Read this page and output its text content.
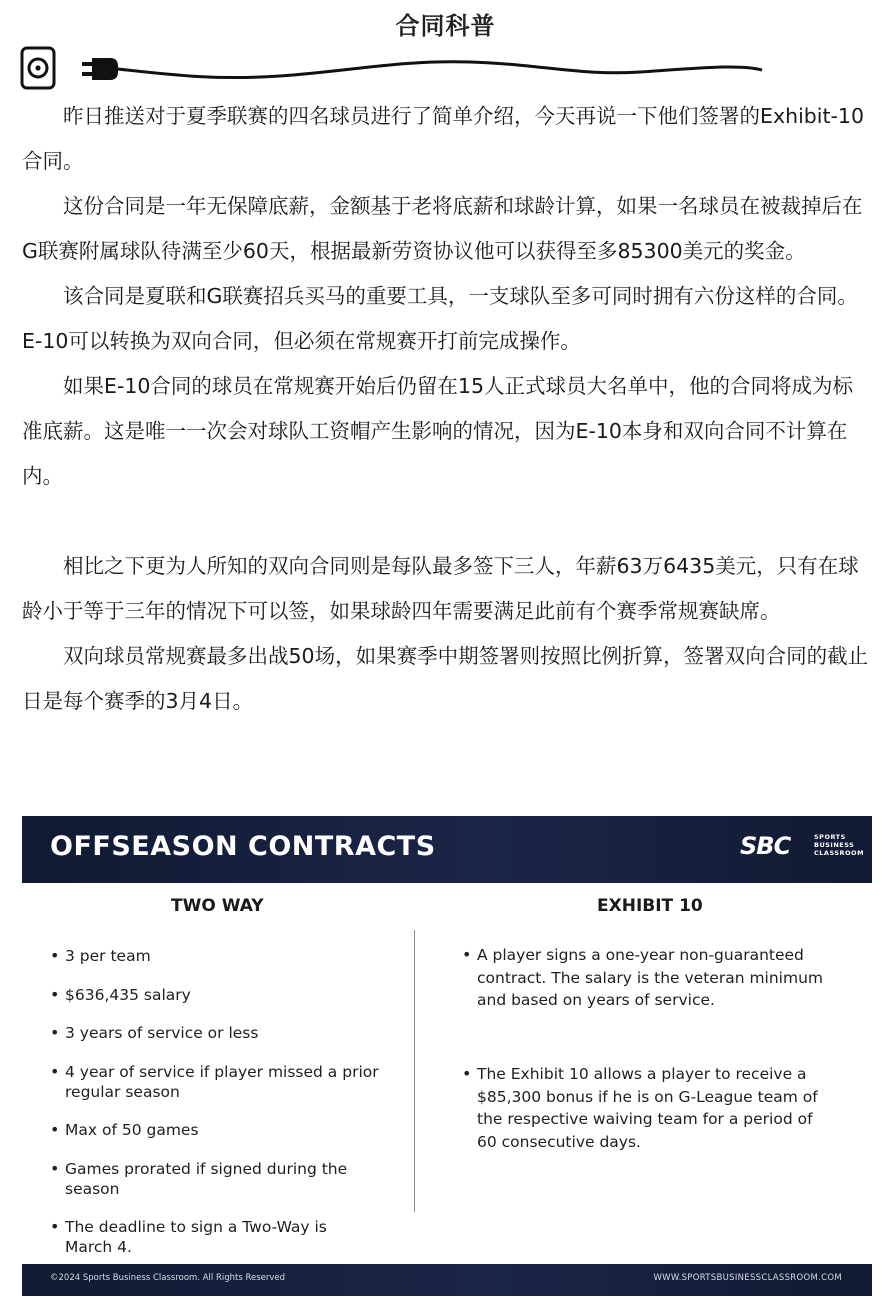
合同科普

昨日推送对于夏季联赛的四名球员进行了简单介绍，今天再说一下他们签署的Exhibit-10合同。

这份合同是一年无保障底薪，金额基于老将底薪和球龄计算，如果一名球员在被裁掉后在G联赛附属球队待满至少60天，根据最新劳资协议他可以获得至多85300美元的奖金。

该合同是夏联和G联赛招兵买马的重要工具，一支球队至多可同时拥有六份这样的合同。E-10可以转换为双向合同，但必须在常规赛开打前完成操作。

如果E-10合同的球员在常规赛开始后仍留在15人正式球员大名单中，他的合同将成为标准底薪。这是唯一一次会对球队工资帽产生影响的情况，因为E-10本身和双向合同不计算在内。

相比之下更为人所知的双向合同则是每队最多签下三人，年薪63万6435美元，只有在球龄小于等于三年的情况下可以签，如果球龄四年需要满足此前有个赛季常规赛缺席。

双向球员常规赛最多出战50场，如果赛季中期签署则按照比例折算，签署双向合同的截止日是每个赛季的3月4日。

OFFSEASON CONTRACTS	SBC	SPORTS
BUSINESS
CLASSROOM
TWO WAY	EXHIBIT 10
• 3 per team
• $636,435 salary
• 3 years of service or less
• 4 year of service if player missed a prior regular season
• Max of 50 games
• Games prorated if signed during the season
• The deadline to sign a Two-Way is March 4.
• A player signs a one-year non-guaranteed contract. The salary is the veteran minimum and based on years of service.
• The Exhibit 10 allows a player to receive a $85,300 bonus if he is on G-League team of the respective waiving team for a period of 60 consecutive days.
©2024 Sports Business Classroom. All Rights Reserved	WWW.SPORTSBUSINESSCLASSROOM.COM
